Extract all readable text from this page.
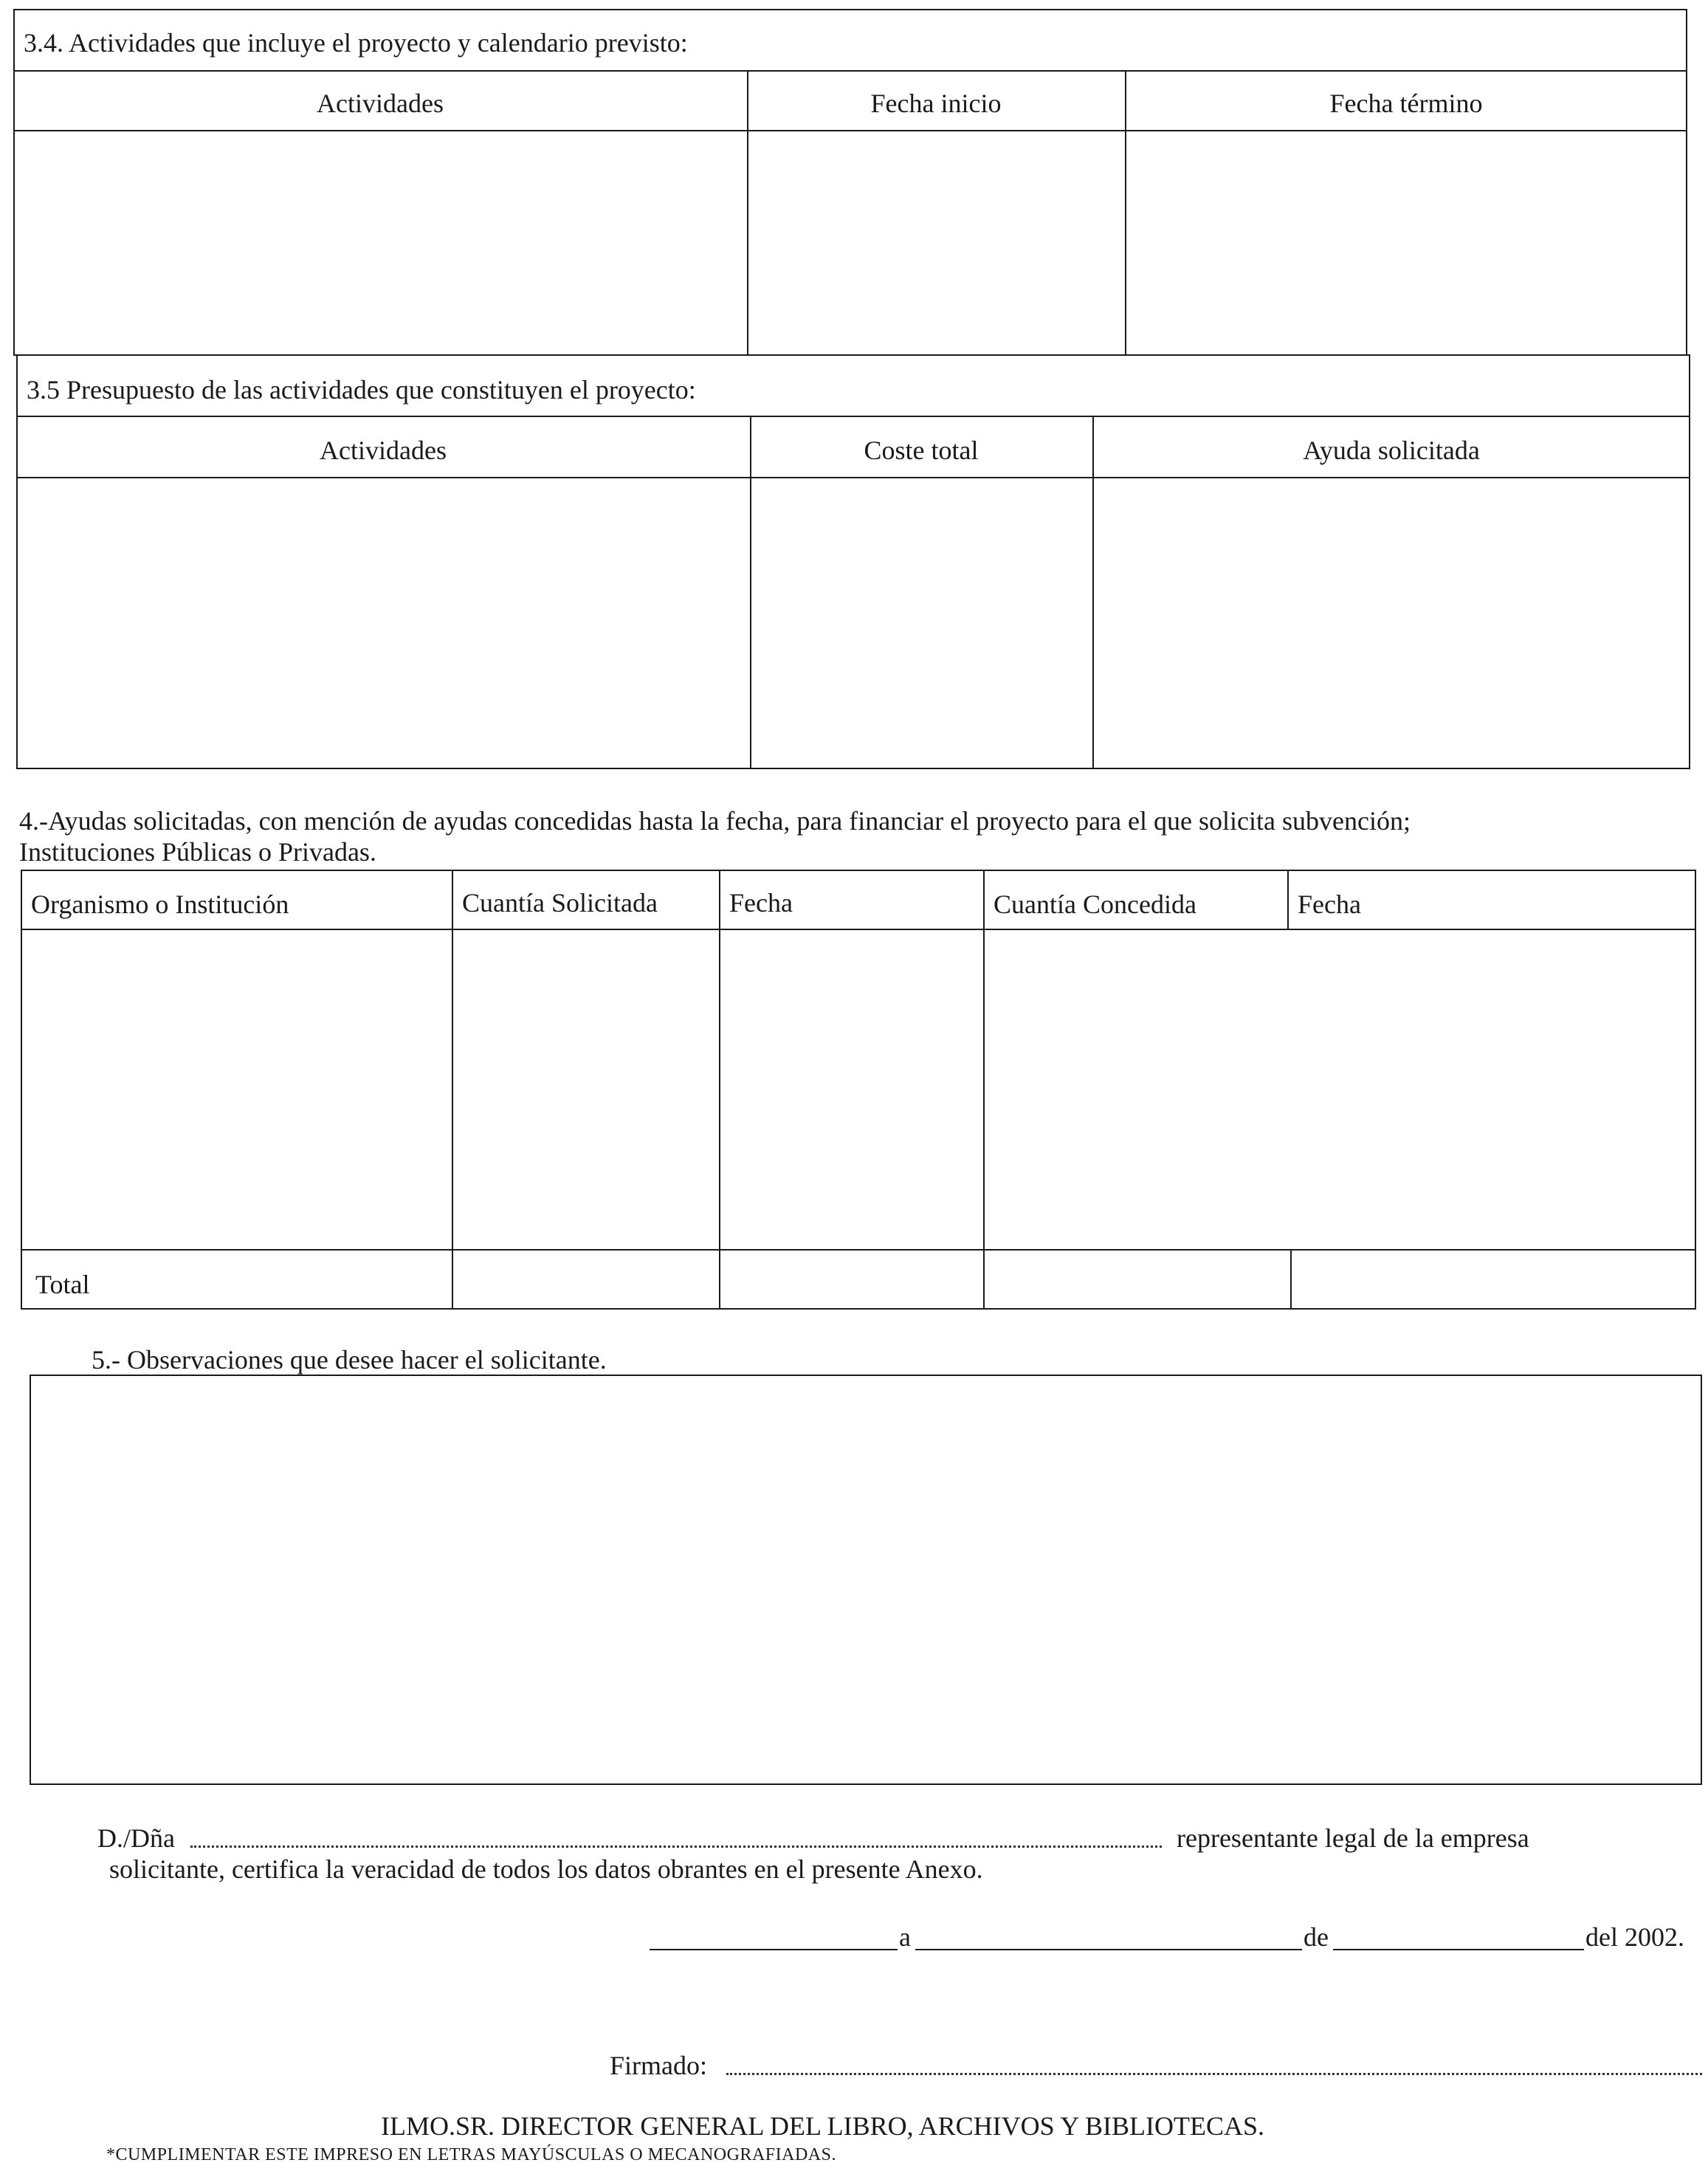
3.4. Actividades que incluye el proyecto y calendario previsto:
Actividades	Fecha inicio	Fecha término
3.5 Presupuesto de las actividades que constituyen el proyecto:
Actividades	Coste total	Ayuda solicitada
4.-Ayudas solicitadas, con mención de ayudas concedidas hasta la fecha, para financiar el proyecto para el que solicita subvención;
Instituciones Públicas o Privadas.
Organismo o Institución	Cuantía Solicitada	Fecha	Cuantía Concedida	Fecha
Total
5.- Observaciones que desee hacer el solicitante.
D./Dña	representante legal de la empresa
solicitante, certifica la veracidad de todos los datos obrantes en el presente Anexo.
a	de	del 2002.
Firmado:
ILMO.SR. DIRECTOR GENERAL DEL LIBRO, ARCHIVOS Y BIBLIOTECAS.
*CUMPLIMENTAR ESTE IMPRESO EN LETRAS MAYÚSCULAS O MECANOGRAFIADAS.
